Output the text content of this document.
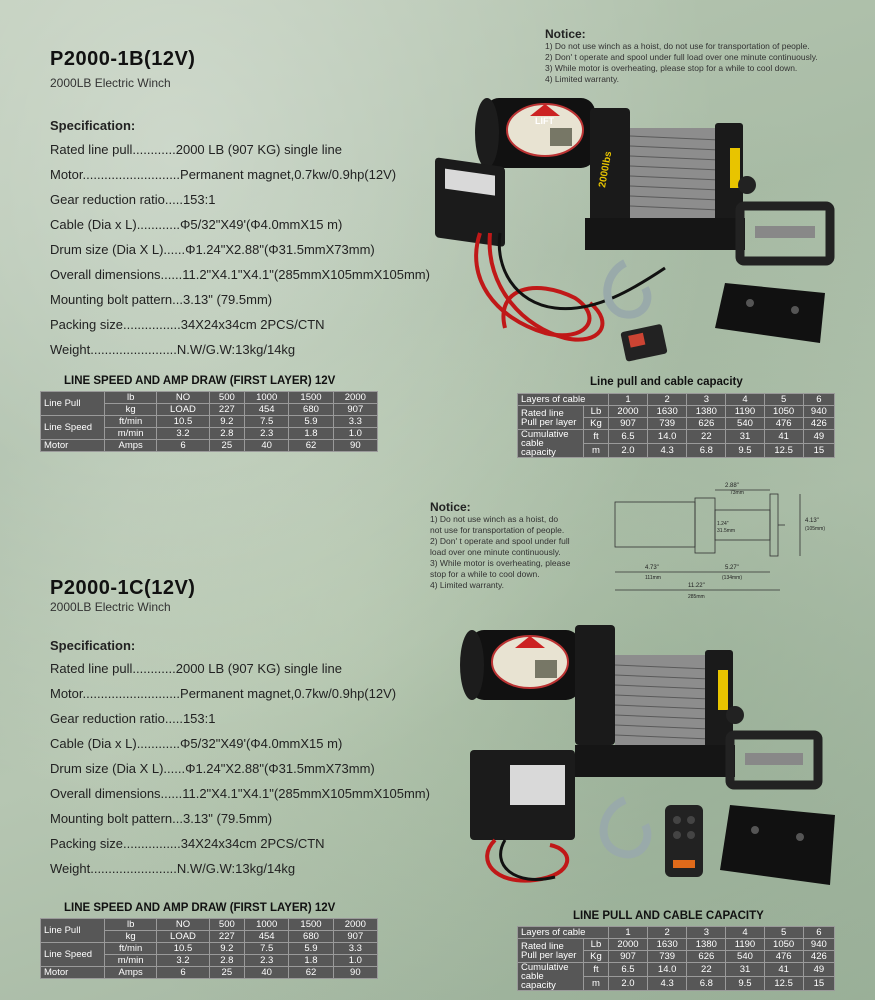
P2000-1B(12V)
2000LB Electric Winch
Specification:
Rated line pull............2000 LB (907 KG) single line
Motor...........................Permanent magnet,0.7kw/0.9hp(12V)
Gear reduction ratio.....153:1
Cable (Dia x L)............Φ5/32"X49'(Φ4.0mmX15 m)
Drum size (Dia X L)......Φ1.24"X2.88"(Φ31.5mmX73mm)
Overall dimensions......11.2"X4.1"X4.1"(285mmX105mmX105mm)
Mounting bolt pattern...3.13" (79.5mm)
Packing size................34X24x34cm 2PCS/CTN
Weight........................N.W/G.W:13kg/14kg
Notice:
1) Do not use winch as a hoist, do not use for transportation of people.
2) Don' t operate and spool under full load over one minute continuously.
3) While motor is overheating, please stop for a while to cool down.
4) Limited warranty.
LIFT
2000lbs
LINE SPEED AND AMP DRAW (FIRST LAYER) 12V
Line Pull	lb	NO	500	1000	1500	2000
	kg	LOAD	227	454	680	907
Line Speed	ft/min	10.5	9.2	7.5	5.9	3.3
	m/min	3.2	2.8	2.3	1.8	1.0
Motor	Amps	6	25	40	62	90
Line pull and cable capacity
Layers of cable		1	2	3	4	5	6
Rated line Pull per layer	Lb	2000	1630	1380	1190	1050	940
	Kg	907	739	626	540	476	426
Cumulative cable capacity	ft	6.5	14.0	22	31	41	49
	m	2.0	4.3	6.8	9.5	12.5	15
Notice:
1) Do not use winch as a hoist, do
not use for transportation of people.
2) Don' t operate and spool under full
load over one minute continuously.
3) While motor is overheating, please
stop for a while to cool down.
4) Limited warranty.
2.88"
73mm
1.24"
31.5mm
4.13"
(105mm)
4.73"
111mm
5.27"
(134mm)
11.22"
285mm
P2000-1C(12V)
2000LB Electric Winch
Specification:
Rated line pull............2000 LB (907 KG) single line
Motor...........................Permanent magnet,0.7kw/0.9hp(12V)
Gear reduction ratio.....153:1
Cable (Dia x L)............Φ5/32"X49'(Φ4.0mmX15 m)
Drum size (Dia X L)......Φ1.24"X2.88"(Φ31.5mmX73mm)
Overall dimensions......11.2"X4.1"X4.1"(285mmX105mmX105mm)
Mounting bolt pattern...3.13" (79.5mm)
Packing size................34X24x34cm 2PCS/CTN
Weight........................N.W/G.W:13kg/14kg
LINE SPEED AND AMP DRAW (FIRST LAYER) 12V
Line Pull	lb	NO	500	1000	1500	2000
	kg	LOAD	227	454	680	907
Line Speed	ft/min	10.5	9.2	7.5	5.9	3.3
	m/min	3.2	2.8	2.3	1.8	1.0
Motor	Amps	6	25	40	62	90
LINE PULL AND CABLE CAPACITY
Layers of cable		1	2	3	4	5	6
Rated line Pull per layer	Lb	2000	1630	1380	1190	1050	940
	Kg	907	739	626	540	476	426
Cumulative cable capacity	ft	6.5	14.0	22	31	41	49
	m	2.0	4.3	6.8	9.5	12.5	15
